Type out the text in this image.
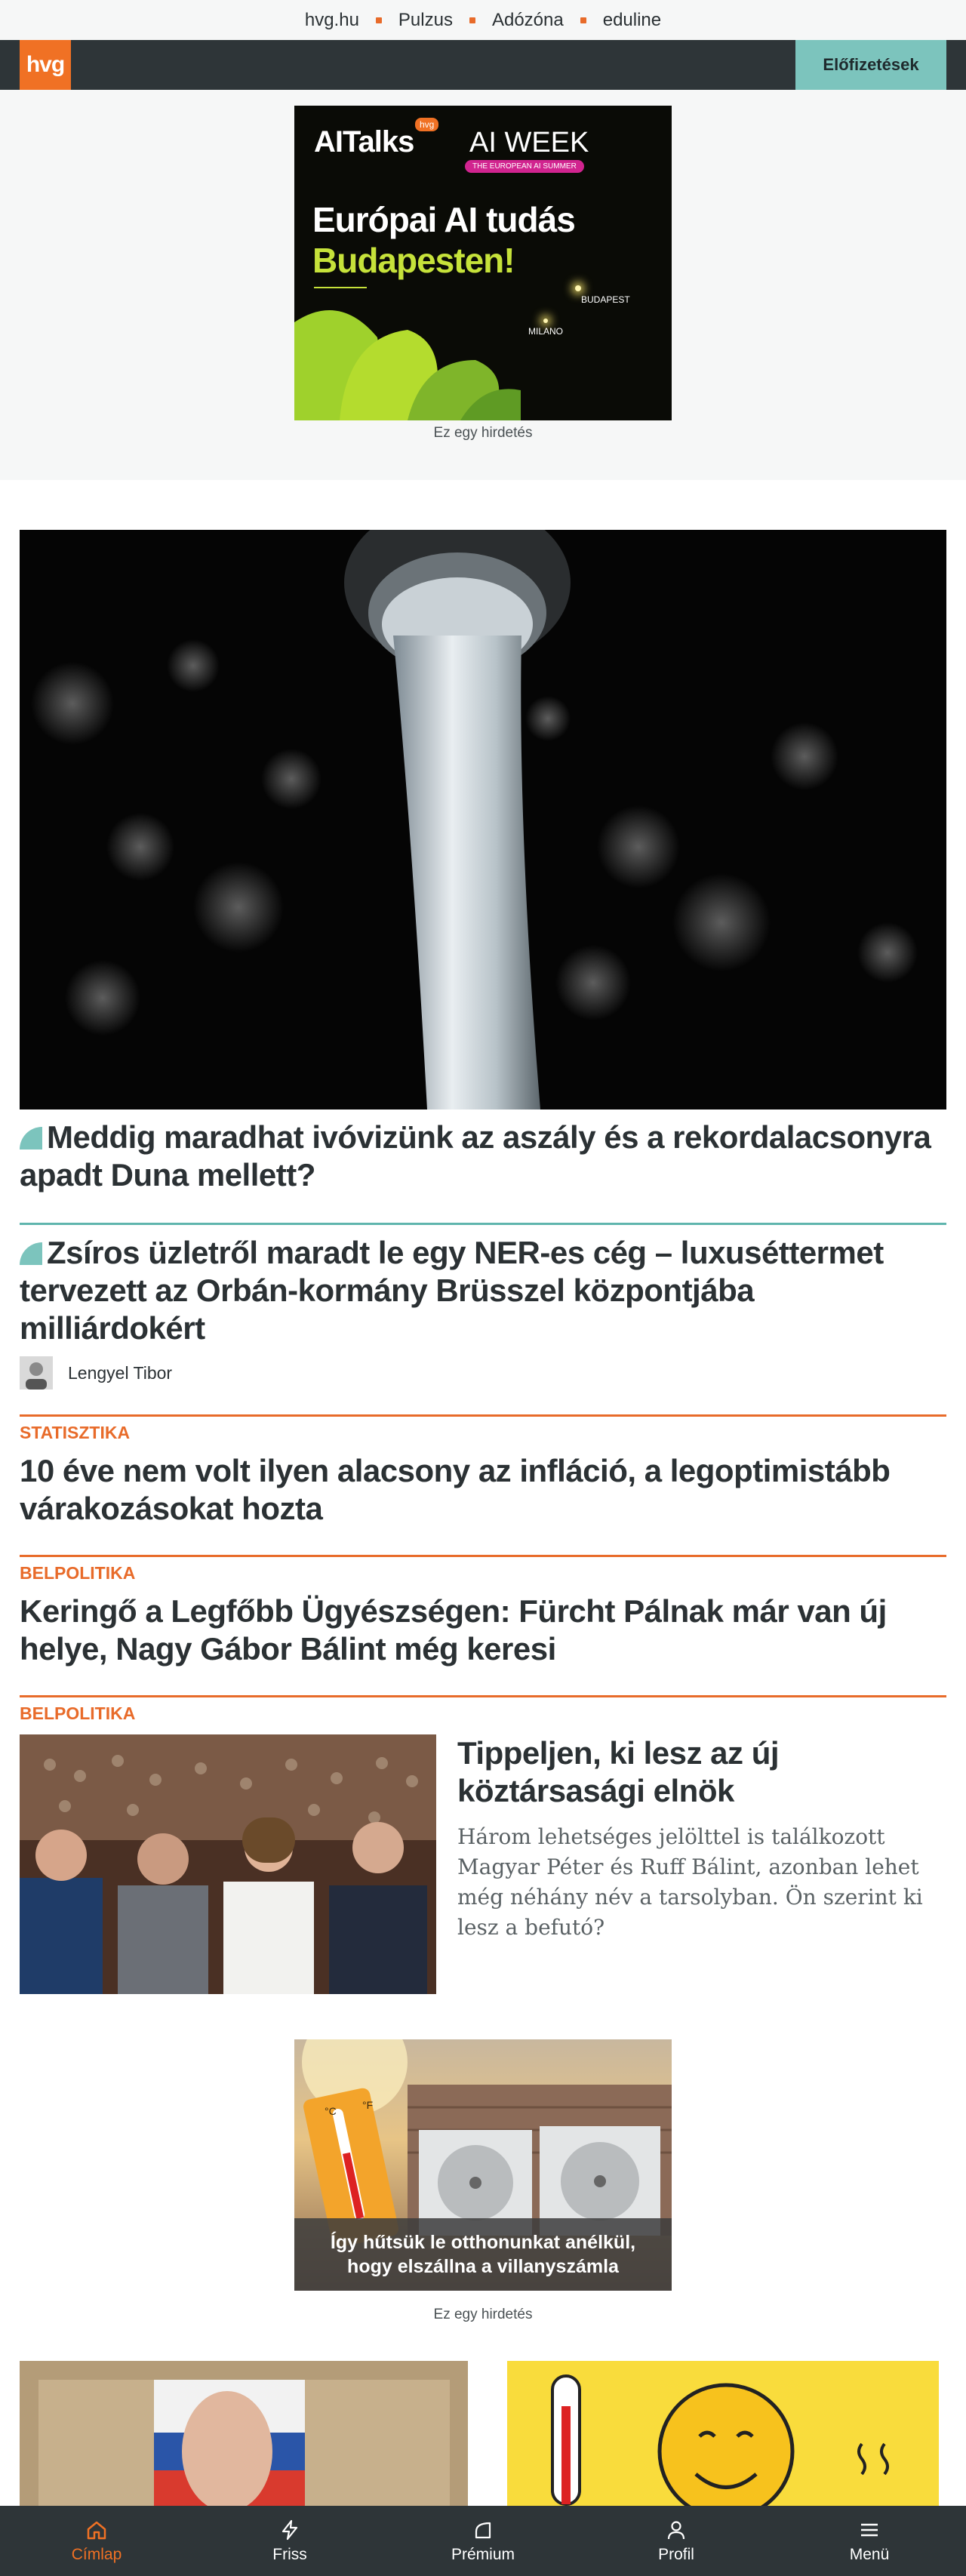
hvg.hu	Pulzus	Adózóna	eduline
hvg	Előfizetések
AITalks
hvg
AI WEEK
THE EUROPEAN AI SUMMER
Európai AI tudás
Budapesten!
BUDAPEST
MILANO
Ez egy hirdetés
Meddig maradhat ivóvizünk az aszály és a rekordalacsonyra apadt Duna mellett?
Zsíros üzletről maradt le egy NER-es cég – luxuséttermet tervezett az Orbán-kormány Brüsszel központjába milliárdokért
Lengyel Tibor
STATISZTIKA
10 éve nem volt ilyen alacsony az infláció, a legoptimistább várakozásokat hozta
BELPOLITIKA
Keringő a Legfőbb Ügyészségen: Fürcht Pálnak már van új helye, Nagy Gábor Bálint még keresi
BELPOLITIKA
Tippeljen, ki lesz az új köztársasági elnök

Három lehetséges jelölttel is találkozott Magyar Péter és Ruff Bálint, azonban lehet még néhány név a tarsolyban. Ön szerint ki lesz a befutó?

°C °F
Így hűtsük le otthonunkat anélkül, hogy elszállna a villanyszámla
Ez egy hirdetés
Címlap	Friss	Prémium	Profil	Menü
